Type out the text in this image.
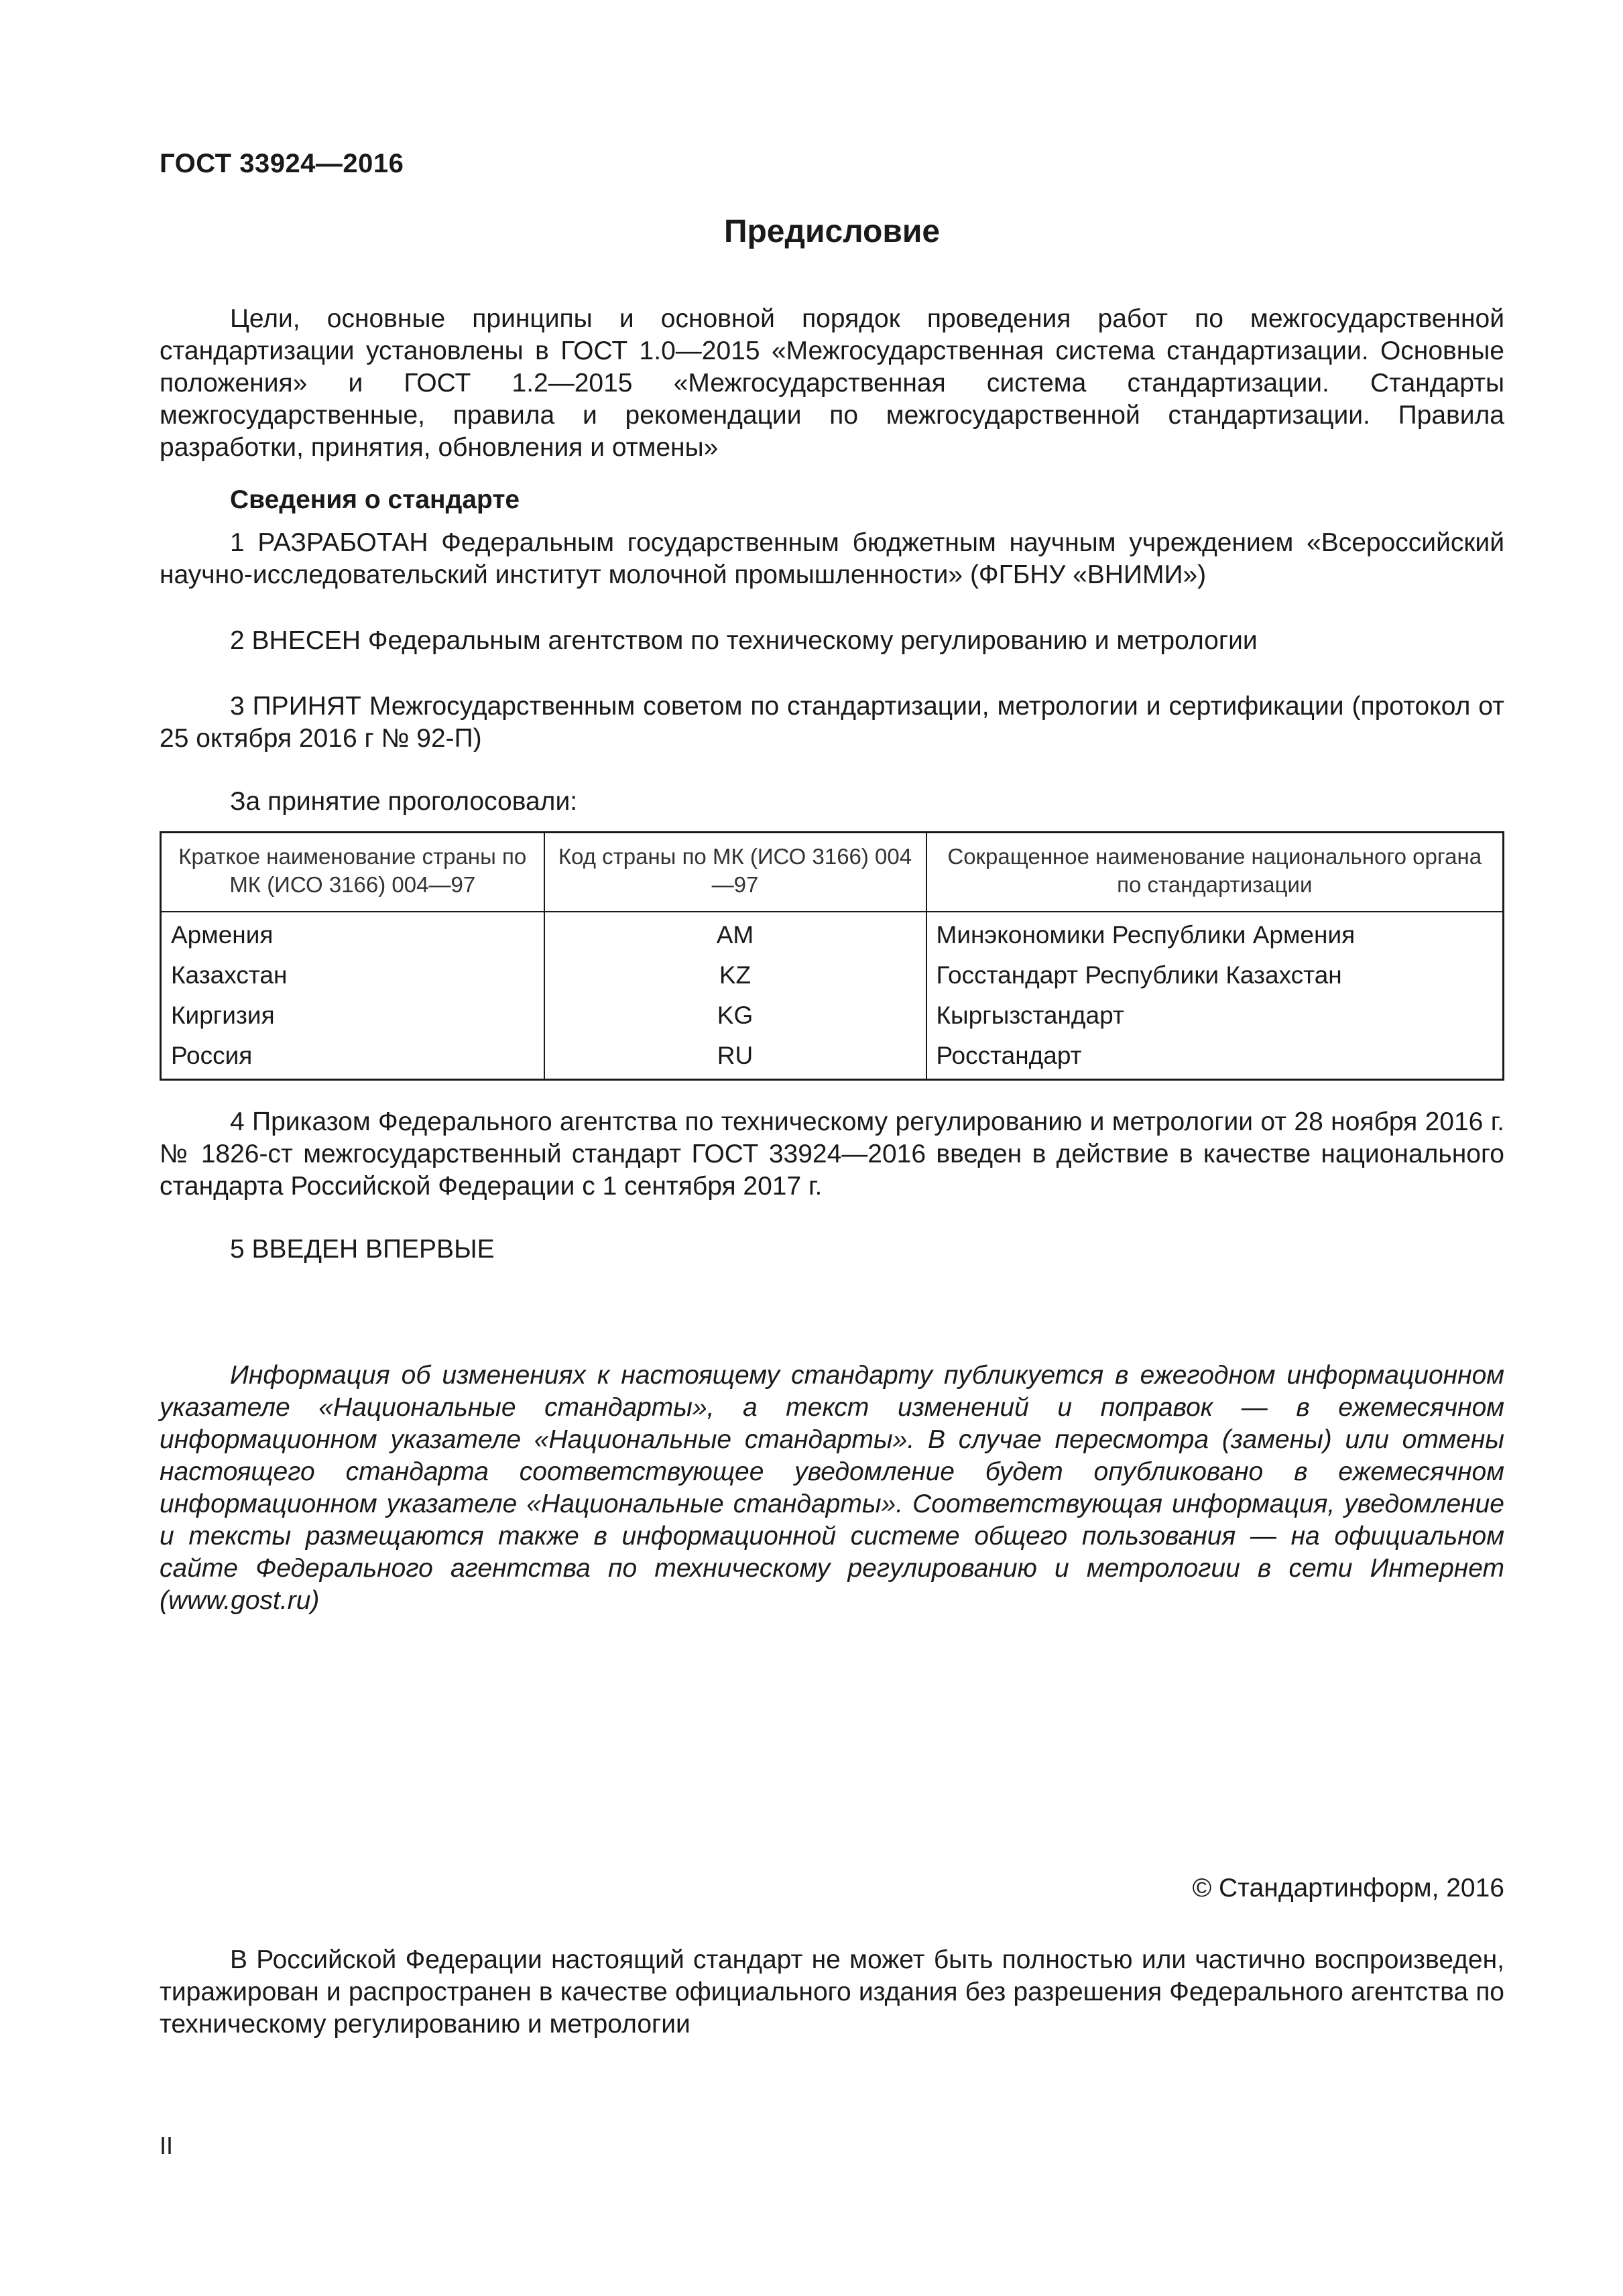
ГОСТ 33924—2016
Предисловие

Цели, основные принципы и основной порядок проведения работ по межгосударственной стандартизации установлены в ГОСТ 1.0—2015 «Межгосударственная система стандартизации. Основные положения» и ГОСТ 1.2—2015 «Межгосударственная система стандартизации. Стандарты межгосударственные, правила и рекомендации по межгосударственной стандартизации. Правила разработки, принятия, обновления и отмены»

Сведения о стандарте

1 РАЗРАБОТАН Федеральным государственным бюджетным научным учреждением «Всероссийский научно-исследовательский институт молочной промышленности» (ФГБНУ «ВНИМИ»)

2 ВНЕСЕН Федеральным агентством по техническому регулированию и метрологии

3 ПРИНЯТ Межгосударственным советом по стандартизации, метрологии и сертификации (протокол от 25 октября 2016 г № 92-П)

За принятие проголосовали:
Краткое наименование страны по МК (ИСО 3166) 004—97	Код страны по МК (ИСО 3166) 004—97	Сокращенное наименование национального органа по стандартизации
Армения	AM	Минэкономики Республики Армения
Казахстан	KZ	Госстандарт Республики Казахстан
Киргизия	KG	Кыргызстандарт
Россия	RU	Росстандарт

4 Приказом Федерального агентства по техническому регулированию и метрологии от 28 ноября 2016 г. № 1826-ст межгосударственный стандарт ГОСТ 33924—2016 введен в действие в качестве национального стандарта Российской Федерации с 1 сентября 2017 г.

5 ВВЕДЕН ВПЕРВЫЕ

Информация об изменениях к настоящему стандарту публикуется в ежегодном информационном указателе «Национальные стандарты», а текст изменений и поправок — в ежемесячном информационном указателе «Национальные стандарты». В случае пересмотра (замены) или отмены настоящего стандарта соответствующее уведомление будет опубликовано в ежемесячном информационном указателе «Национальные стандарты». Соответствующая информация, уведомление и тексты размещаются также в информационной системе общего пользования — на официальном сайте Федерального агентства по техническому регулированию и метрологии в сети Интернет (www.gost.ru)

© Стандартинформ, 2016

В Российской Федерации настоящий стандарт не может быть полностью или частично воспроизведен, тиражирован и распространен в качестве официального издания без разрешения Федерального агентства по техническому регулированию и метрологии

II
